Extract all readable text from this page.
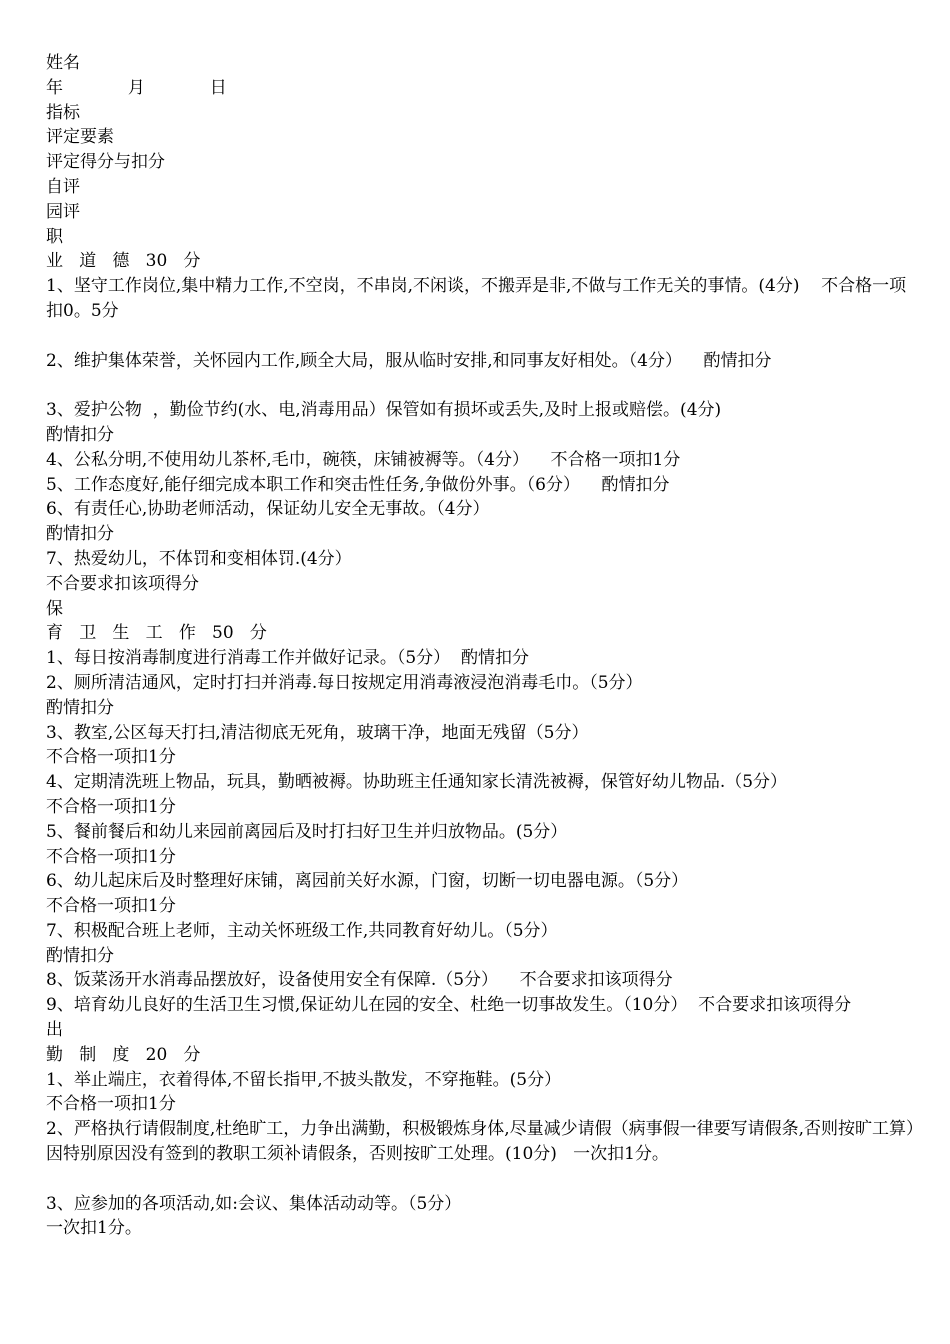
姓名
年            月            日
指标
评定要素
评定得分与扣分
自评
园评
职
业   道   德   30   分
1、坚守工作岗位,集中精力工作,不空岗，不串岗,不闲谈，不搬弄是非,不做与工作无关的事情。(4分)    不合格一项扣0。5分
2、维护集体荣誉，关怀园内工作,顾全大局，服从临时安排,和同事友好相处。（4分）    酌情扣分
3、爱护公物  ，勤俭节约(水、电,消毒用品）保管如有损坏或丢失,及时上报或赔偿。(4分)
酌情扣分
4、公私分明,不使用幼儿茶杯,毛巾，碗筷，床铺被褥等。（4分）    不合格一项扣1分
5、工作态度好,能仔细完成本职工作和突击性任务,争做份外事。（6分）    酌情扣分
6、有责任心,协助老师活动，保证幼儿安全无事故。（4分）
酌情扣分
7、热爱幼儿，不体罚和变相体罚.(4分）
不合要求扣该项得分
保
育   卫   生   工   作   50   分
1、每日按消毒制度进行消毒工作并做好记录。（5分）  酌情扣分
2、厕所清洁通风，定时打扫并消毒.每日按规定用消毒液浸泡消毒毛巾。（5分）
酌情扣分
3、教室,公区每天打扫,清洁彻底无死角，玻璃干净，地面无残留（5分）
不合格一项扣1分
4、定期清洗班上物品，玩具，勤晒被褥。协助班主任通知家长清洗被褥，保管好幼儿物品.（5分）
不合格一项扣1分
5、餐前餐后和幼儿来园前离园后及时打扫好卫生并归放物品。(5分）
不合格一项扣1分
6、幼儿起床后及时整理好床铺，离园前关好水源，门窗，切断一切电器电源。（5分）
不合格一项扣1分
7、积极配合班上老师，主动关怀班级工作,共同教育好幼儿。（5分）
酌情扣分
8、饭菜汤开水消毒品摆放好，设备使用安全有保障.（5分）    不合要求扣该项得分
9、培育幼儿良好的生活卫生习惯,保证幼儿在园的安全、杜绝一切事故发生。（10分）  不合要求扣该项得分
出
勤   制   度   20   分
1、举止端庄，衣着得体,不留长指甲,不披头散发，不穿拖鞋。(5分）
不合格一项扣1分
2、严格执行请假制度,杜绝旷工，力争出满勤，积极锻炼身体,尽量减少请假（病事假一律要写请假条,否则按旷工算）因特别原因没有签到的教职工须补请假条，否则按旷工处理。(10分)   一次扣1分。
3、应参加的各项活动,如:会议、集体活动动等。（5分）
一次扣1分。
